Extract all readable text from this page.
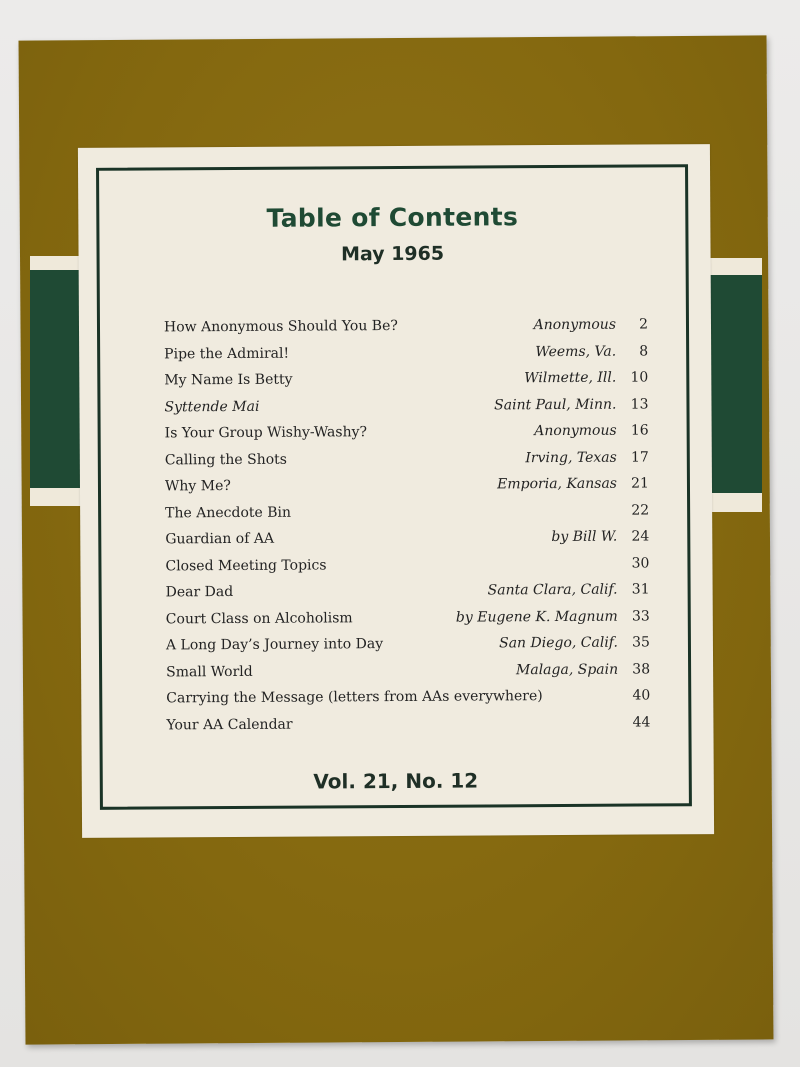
Table of Contents
May 1965
How Anonymous Should You Be?	Anonymous 2
Pipe the Admiral!	Weems, Va. 8
My Name Is Betty	Wilmette, Ill. 10
Syttende Mai	Saint Paul, Minn. 13
Is Your Group Wishy-Washy?	Anonymous 16
Calling the Shots	Irving, Texas 17
Why Me?	Emporia, Kansas 21
The Anecdote Bin	22
Guardian of AA	by Bill W. 24
Closed Meeting Topics	30
Dear Dad	Santa Clara, Calif. 31
Court Class on Alcoholism	by Eugene K. Magnum 33
A Long Day’s Journey into Day	San Diego, Calif. 35
Small World	Malaga, Spain 38
Carrying the Message (letters from AAs everywhere)	40
Your AA Calendar	44
Vol. 21, No. 12
